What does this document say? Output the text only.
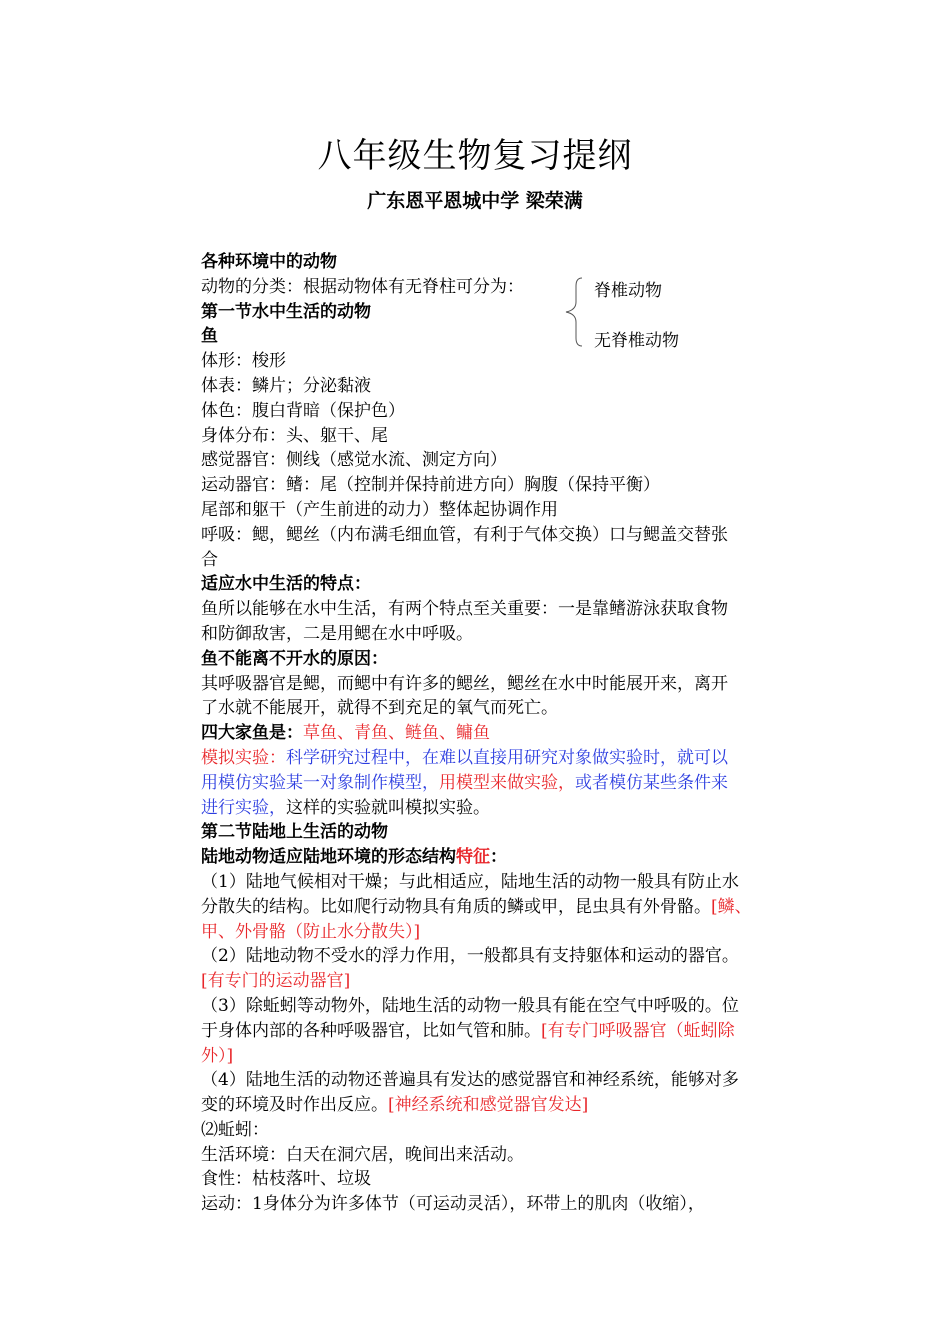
八年级生物复习提纲
广东恩平恩城中学 梁荣满
脊椎动物
无脊椎动物
各种环境中的动物
动物的分类：根据动物体有无脊柱可分为：
第一节水中生活的动物
鱼
体形：梭形
体表：鳞片；分泌黏液
体色：腹白背暗（保护色）
身体分布：头、躯干、尾
感觉器官：侧线（感觉水流、测定方向）
运动器官：鳍：尾（控制并保持前进方向）胸腹（保持平衡）
尾部和躯干（产生前进的动力）整体起协调作用
呼吸：鳃，鳃丝（内布满毛细血管，有利于气体交换）口与鳃盖交替张
合
适应水中生活的特点：
鱼所以能够在水中生活，有两个特点至关重要：一是靠鳍游泳获取食物
和防御敌害，二是用鳃在水中呼吸。
鱼不能离不开水的原因：
其呼吸器官是鳃，而鳃中有许多的鳃丝，鳃丝在水中时能展开来，离开
了水就不能展开，就得不到充足的氧气而死亡。
四大家鱼是：草鱼、青鱼、鲢鱼、鳙鱼
模拟实验：科学研究过程中，在难以直接用研究对象做实验时，就可以
用模仿实验某一对象制作模型，用模型来做实验，或者模仿某些条件来
进行实验，这样的实验就叫模拟实验。
第二节陆地上生活的动物
陆地动物适应陆地环境的形态结构特征：
（1）陆地气候相对干燥；与此相适应，陆地生活的动物一般具有防止水
分散失的结构。比如爬行动物具有角质的鳞或甲，昆虫具有外骨骼。[鳞、
甲、外骨骼（防止水分散失）]
（2）陆地动物不受水的浮力作用，一般都具有支持躯体和运动的器官。
[有专门的运动器官]
（3）除蚯蚓等动物外，陆地生活的动物一般具有能在空气中呼吸的。位
于身体内部的各种呼吸器官，比如气管和肺。[有专门呼吸器官（蚯蚓除
外）]
（4）陆地生活的动物还普遍具有发达的感觉器官和神经系统，能够对多
变的环境及时作出反应。[神经系统和感觉器官发达]
⑵蚯蚓：
生活环境：白天在洞穴居，晚间出来活动。
食性：枯枝落叶、垃圾
运动：1身体分为许多体节（可运动灵活），环带上的肌肉（收缩），
